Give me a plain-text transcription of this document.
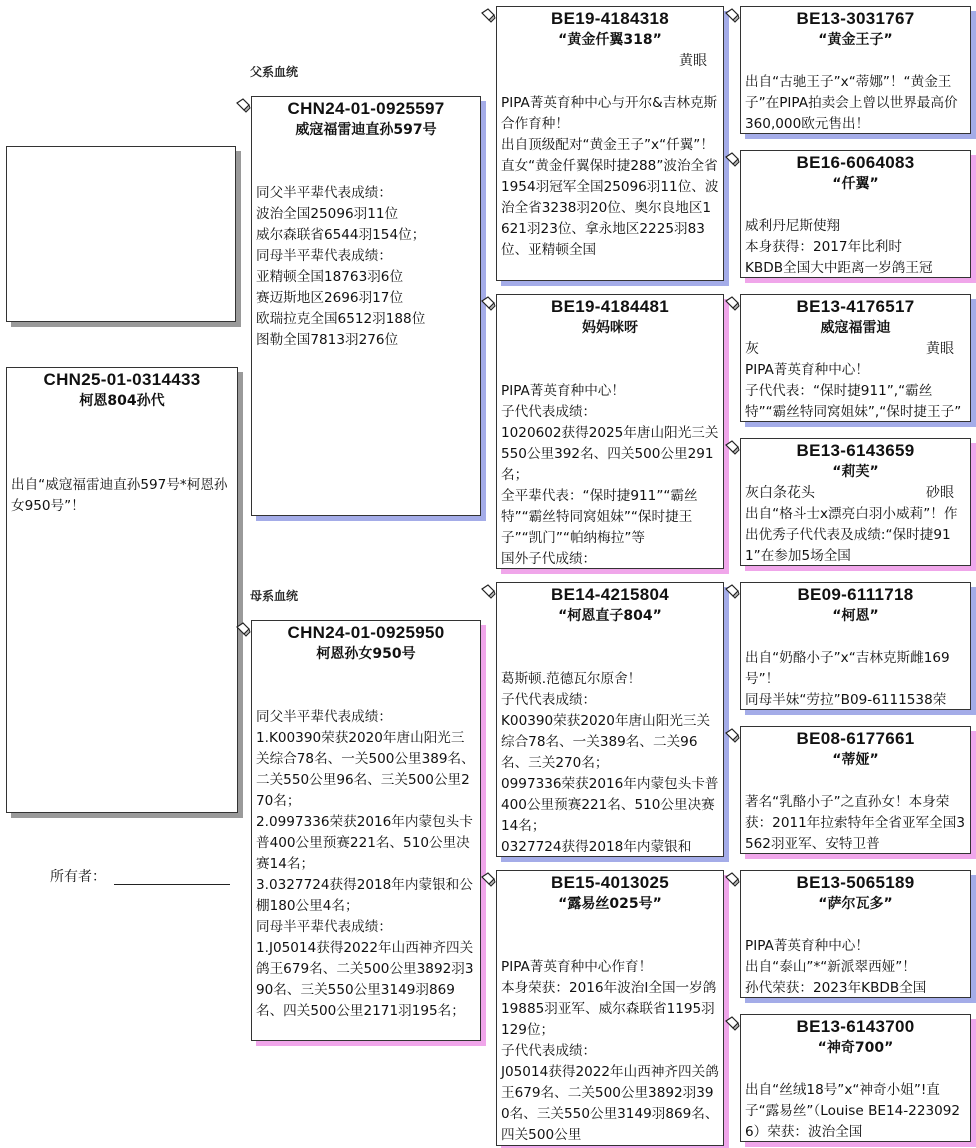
父系血统
母系血统
所有者：
CHN25-01-0314433
柯恩804孙代
出自“威寇福雷迪直孙597号*柯恩孙女950号”！
CHN24-01-0925597
威寇福雷迪直孙597号
同父半平辈代表成绩：
波治全国25096羽11位
威尔森联省6544羽154位；
同母半平辈代表成绩：
亚精顿全国18763羽6位
赛迈斯地区2696羽17位
欧瑞拉克全国6512羽188位
图勒全国7813羽276位
CHN24-01-0925950
柯恩孙女950号
同父半平辈代表成绩：
1.K00390荣获2020年唐山阳光三关综合78名、一关500公里389名、二关550公里96名、三关500公里270名；
2.0997336荣获2016年内蒙包头卡普400公里预赛221名、510公里决赛14名；
3.0327724获得2018年内蒙银和公棚180公里4名；
同母半平辈代表成绩：
1.J05014获得2022年山西神齐四关鸽王679名、二关500公里3892羽390名、三关550公里3149羽869名、四关500公里2171羽195名；
BE19-4184318
“黄金仟翼318”
黄眼
PIPA菁英育种中心与开尔&吉林克斯合作育种！
出自顶级配对“黄金王子”x“仟翼”！
直女“黄金仟翼保时捷288”波治全省1954羽冠军全国25096羽11位、波治全省3238羽20位、奥尔良地区1621羽23位、拿永地区2225羽83位、亚精顿全国
BE19-4184481
妈妈咪呀
PIPA菁英育种中心！
子代代表成绩：
1020602获得2025年唐山阳光三关550公里392名、四关500公里291名；
全平辈代表：“保时捷911”“霸丝特”“霸丝特同窝姐妹”“保时捷王子”“凯门”“帕纳梅拉”等
国外子代成绩：
BE14-4215804
“柯恩直子804”
葛斯顿.范德瓦尔原舍！
子代代表成绩：
K00390荣获2020年唐山阳光三关综合78名、一关389名、二关96名、三关270名；
0997336荣获2016年内蒙包头卡普400公里预赛221名、510公里决赛14名；
0327724获得2018年内蒙银和
BE15-4013025
“露易丝025号”
PIPA菁英育种中心作育！
本身荣获：2016年波治I全国一岁鸽19885羽亚军、威尔森联省1195羽129位；
子代代表成绩：
J05014获得2022年山西神齐四关鸽王679名、二关500公里3892羽390名、三关550公里3149羽869名、四关500公里
BE13-3031767
“黄金王子”
出自“古驰王子”x“蒂娜”！“黄金王子”在PIPA拍卖会上曾以世界最高价360,000欧元售出！
BE16-6064083
“仟翼”
威利丹尼斯使翔
本身获得：2017年比利时
KBDB全国大中距离一岁鸽王冠
BE13-4176517
威寇福雷迪
灰	黄眼
PIPA菁英育种中心！
子代代表：“保时捷911”,“霸丝特”“霸丝特同窝姐妹”,“保时捷王子”
BE13-6143659
“莉芙”
灰白条花头	砂眼
出自“格斗士x漂亮白羽小威莉”！作出优秀子代代表及成绩:“保时捷911”在参加5场全国
BE09-6111718
“柯恩”
出自“奶酪小子”x“吉林克斯雌169号”！
同母半妹“劳拉”B09-6111538荣
BE08-6177661
“蒂娅”
著名“乳酪小子”之直孙女！本身荣获：2011年拉索特年全省亚军全国3562羽亚军、安特卫普
BE13-5065189
“萨尔瓦多”
PIPA菁英育种中心！
出自“泰山”*“新派翠西娅”！
孙代荣获：2023年KBDB全国
BE13-6143700
“神奇700”
出自“丝绒18号”x“神奇小姐”!直子“露易丝”（Louise BE14-2230926）荣获：波治全国
